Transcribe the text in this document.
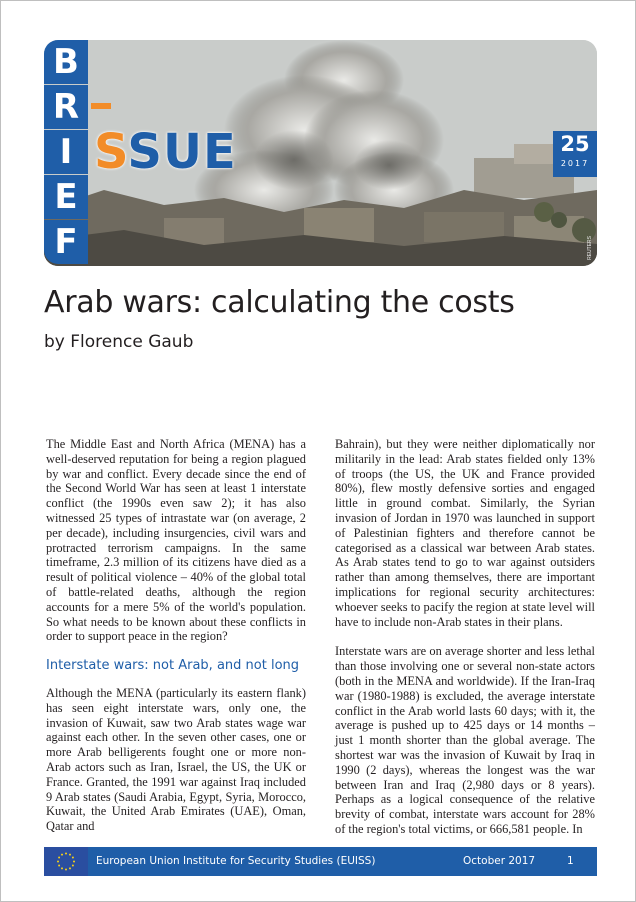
REUTERS
B
R
I
E
F
SSUE	25
2017
Arab wars: calculating the costs
by Florence Gaub

The Middle East and North Africa (MENA) has a well-deserved reputation for being a region plagued by war and conflict. Every decade since the end of the Second World War has seen at least 1 interstate conflict (the 1990s even saw 2); it has also witnessed 25 types of intrastate war (on average, 2 per decade), including insurgencies, civil wars and protracted terrorism campaigns. In the same timeframe, 2.3 million of its citizens have died as a result of political violence – 40% of the global total of battle-related deaths, although the region accounts for a mere 5% of the world's population. So what needs to be known about these conflicts in order to support peace in the region?

Interstate wars: not Arab, and not long

Although the MENA (particularly its eastern flank) has seen eight interstate wars, only one, the invasion of Kuwait, saw two Arab states wage war against each other. In the seven other cases, one or more Arab belligerents fought one or more non-Arab actors such as Iran, Israel, the US, the UK or France. Granted, the 1991 war against Iraq included 9 Arab states (Saudi Arabia, Egypt, Syria, Morocco, Kuwait, the United Arab Emirates (UAE), Oman, Qatar and

Bahrain), but they were neither diplomatically nor militarily in the lead: Arab states fielded only 13% of troops (the US, the UK and France provided 80%), flew mostly defensive sorties and engaged little in ground combat. Similarly, the Syrian invasion of Jordan in 1970 was launched in support of Palestinian fighters and therefore cannot be categorised as a classical war between Arab states. As Arab states tend to go to war against outsiders rather than among themselves, there are important implications for regional security architectures: whoever seeks to pacify the region at state level will have to include non-Arab states in their plans.

Interstate wars are on average shorter and less lethal than those involving one or several non-state actors (both in the MENA and worldwide). If the Iran-Iraq war (1980-1988) is excluded, the average interstate conflict in the Arab world lasts 60 days; with it, the average is pushed up to 425 days or 14 months – just 1 month shorter than the global average. The shortest war was the invasion of Kuwait by Iraq in 1990 (2 days), whereas the longest was the war between Iran and Iraq (2,980 days or 8 years). Perhaps as a logical consequence of the relative brevity of combat, interstate wars account for 28% of the region's total victims, or 666,581 people. In

European Union Institute for Security Studies (EUISS)	October 2017	1
